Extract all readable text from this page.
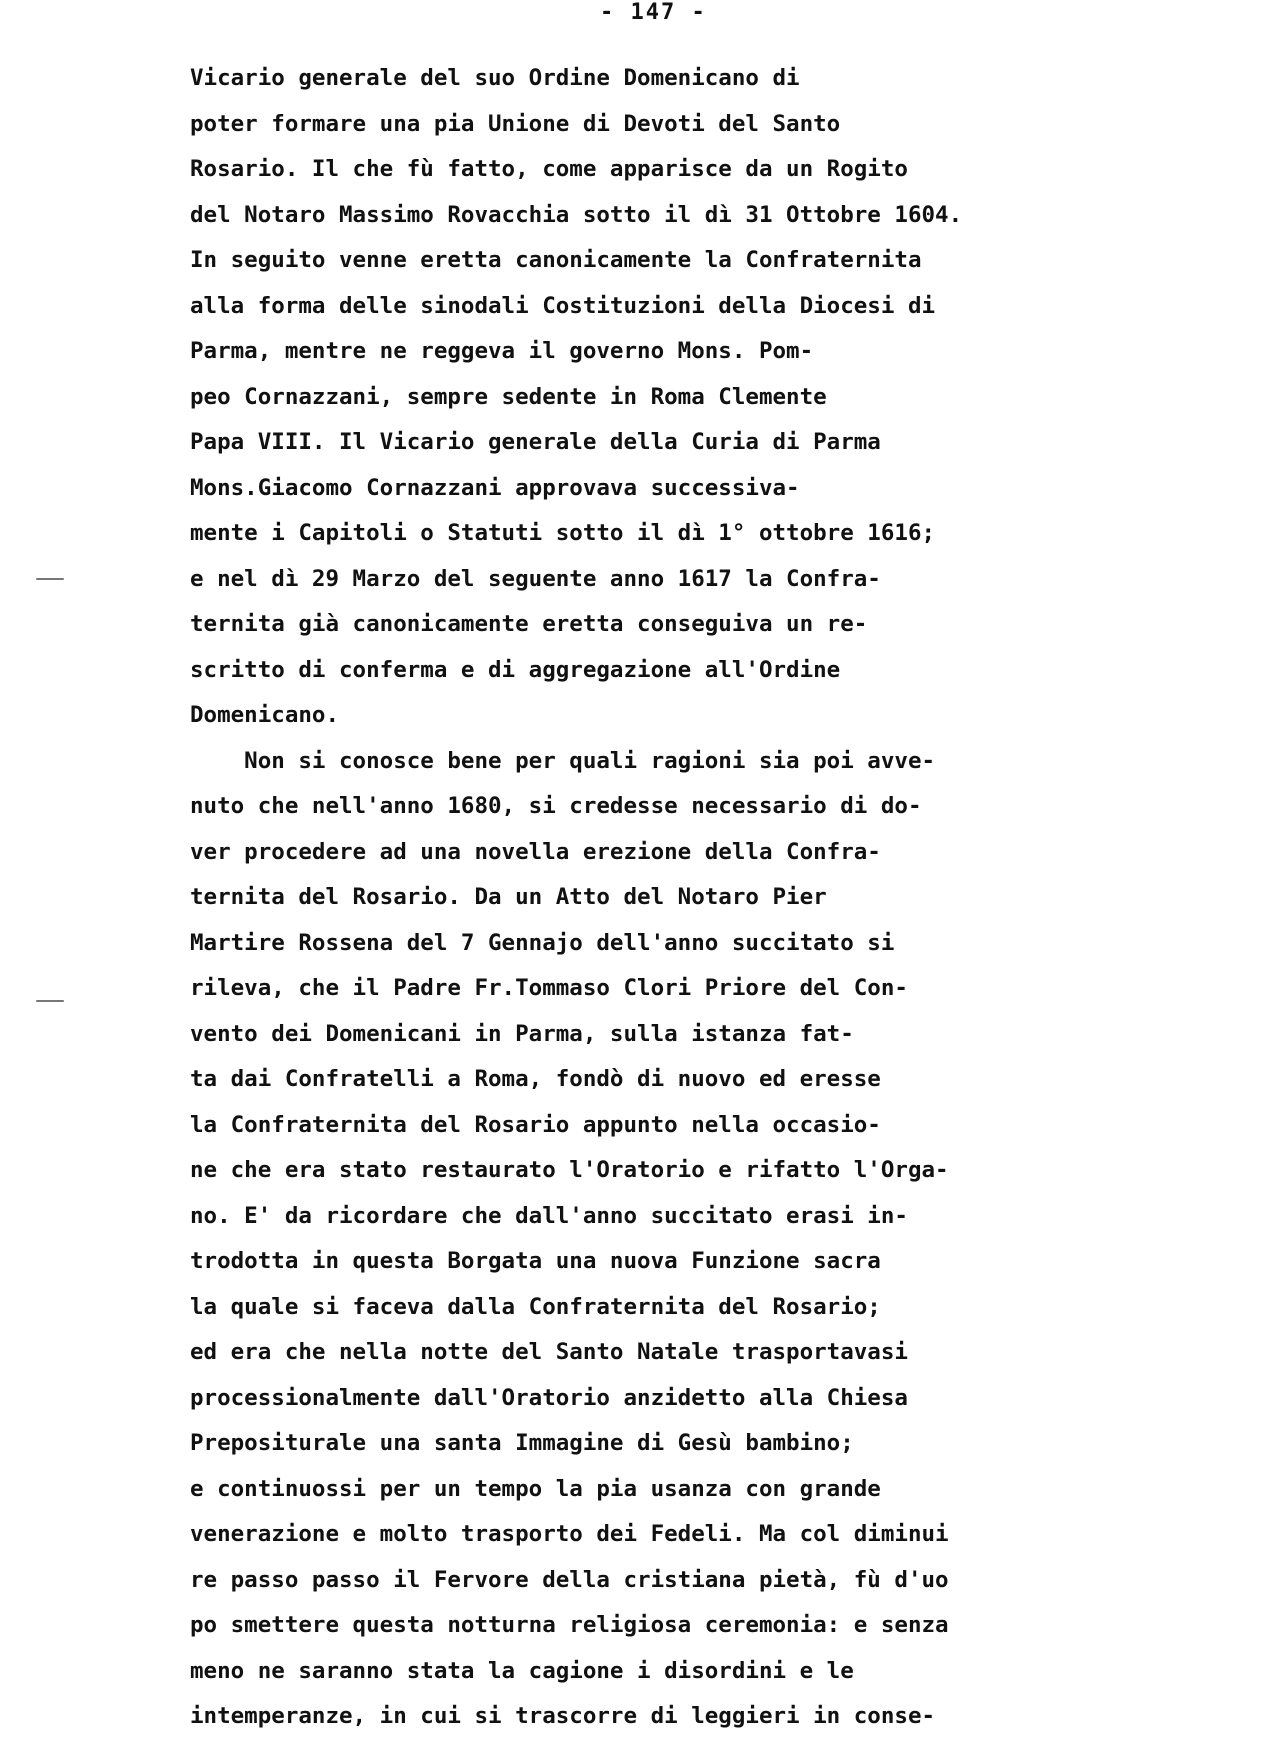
- 147 -
Vicario generale del suo Ordine Domenicano di
poter formare una pia Unione di Devoti del Santo
Rosario. Il che fù fatto, come apparisce da un Rogito
del Notaro Massimo Rovacchia sotto il dì 31 Ottobre 1604.
In seguito venne eretta canonicamente la Confraternita
alla forma delle sinodali Costituzioni della Diocesi di
Parma, mentre ne reggeva il governo Mons. Pom-
peo Cornazzani, sempre sedente in Roma Clemente
Papa VIII. Il Vicario generale della Curia di Parma
Mons.Giacomo Cornazzani approvava successiva-
mente i Capitoli o Statuti sotto il dì 1° ottobre 1616;
e nel dì 29 Marzo del seguente anno 1617 la Confra-
ternita già canonicamente eretta conseguiva un re-
scritto di conferma e di aggregazione all'Ordine
Domenicano.
Non si conosce bene per quali ragioni sia poi avve-
nuto che nell'anno 1680, si credesse necessario di do-
ver procedere ad una novella erezione della Confra-
ternita del Rosario. Da un Atto del Notaro Pier
Martire Rossena del 7 Gennajo dell'anno succitato si
rileva, che il Padre Fr.Tommaso Clori Priore del Con-
vento dei Domenicani in Parma, sulla istanza fat-
ta dai Confratelli a Roma, fondò di nuovo ed eresse
la Confraternita del Rosario appunto nella occasio-
ne che era stato restaurato l'Oratorio e rifatto l'Orga-
no. E' da ricordare che dall'anno succitato erasi in-
trodotta in questa Borgata una nuova Funzione sacra
la quale si faceva dalla Confraternita del Rosario;
ed era che nella notte del Santo Natale trasportavasi
processionalmente dall'Oratorio anzidetto alla Chiesa
Prepositurale una santa Immagine di Gesù bambino;
e continuossi per un tempo la pia usanza con grande
venerazione e molto trasporto dei Fedeli. Ma col diminui
re passo passo il Fervore della cristiana pietà, fù d'uo
po smettere questa notturna religiosa ceremonia: e senza
meno ne saranno stata la cagione i disordini e le
intemperanze, in cui si trascorre di leggieri in conse-
